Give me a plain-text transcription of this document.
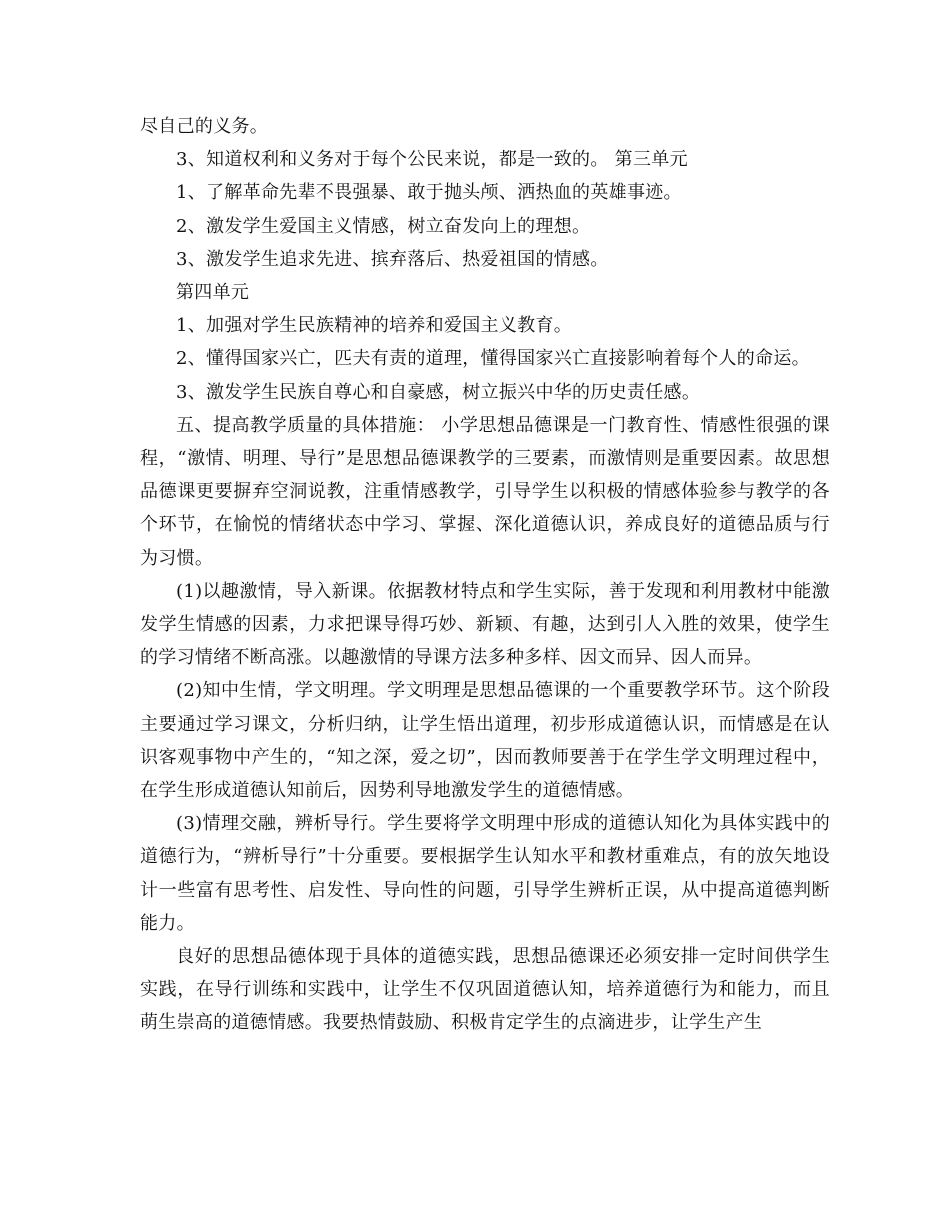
尽自己的义务。

3、知道权利和义务对于每个公民来说，都是一致的。 第三单元

1、了解革命先辈不畏强暴、敢于抛头颅、洒热血的英雄事迹。

2、激发学生爱国主义情感，树立奋发向上的理想。

3、激发学生追求先进、摈弃落后、热爱祖国的情感。

第四单元

1、加强对学生民族精神的培养和爱国主义教育。

2、懂得国家兴亡，匹夫有责的道理，懂得国家兴亡直接影响着每个人的命运。

3、激发学生民族自尊心和自豪感，树立振兴中华的历史责任感。

五、提高教学质量的具体措施： 小学思想品德课是一门教育性、情感性很强的课程，“激情、明理、导行”是思想品德课教学的三要素，而激情则是重要因素。故思想品德课更要摒弃空洞说教，注重情感教学，引导学生以积极的情感体验参与教学的各个环节，在愉悦的情绪状态中学习、掌握、深化道德认识，养成良好的道德品质与行为习惯。

(1)以趣激情，导入新课。依据教材特点和学生实际，善于发现和利用教材中能激发学生情感的因素，力求把课导得巧妙、新颖、有趣，达到引人入胜的效果，使学生的学习情绪不断高涨。以趣激情的导课方法多种多样、因文而异、因人而异。

(2)知中生情，学文明理。学文明理是思想品德课的一个重要教学环节。这个阶段主要通过学习课文，分析归纳，让学生悟出道理，初步形成道德认识，而情感是在认识客观事物中产生的，“知之深，爱之切”，因而教师要善于在学生学文明理过程中，在学生形成道德认知前后，因势利导地激发学生的道德情感。

(3)情理交融，辨析导行。学生要将学文明理中形成的道德认知化为具体实践中的道德行为，“辨析导行”十分重要。要根据学生认知水平和教材重难点，有的放矢地设计一些富有思考性、启发性、导向性的问题，引导学生辨析正误，从中提高道德判断能力。

良好的思想品德体现于具体的道德实践，思想品德课还必须安排一定时间供学生实践，在导行训练和实践中，让学生不仅巩固道德认知，培养道德行为和能力，而且萌生崇高的道德情感。我要热情鼓励、积极肯定学生的点滴进步，让学生产生
